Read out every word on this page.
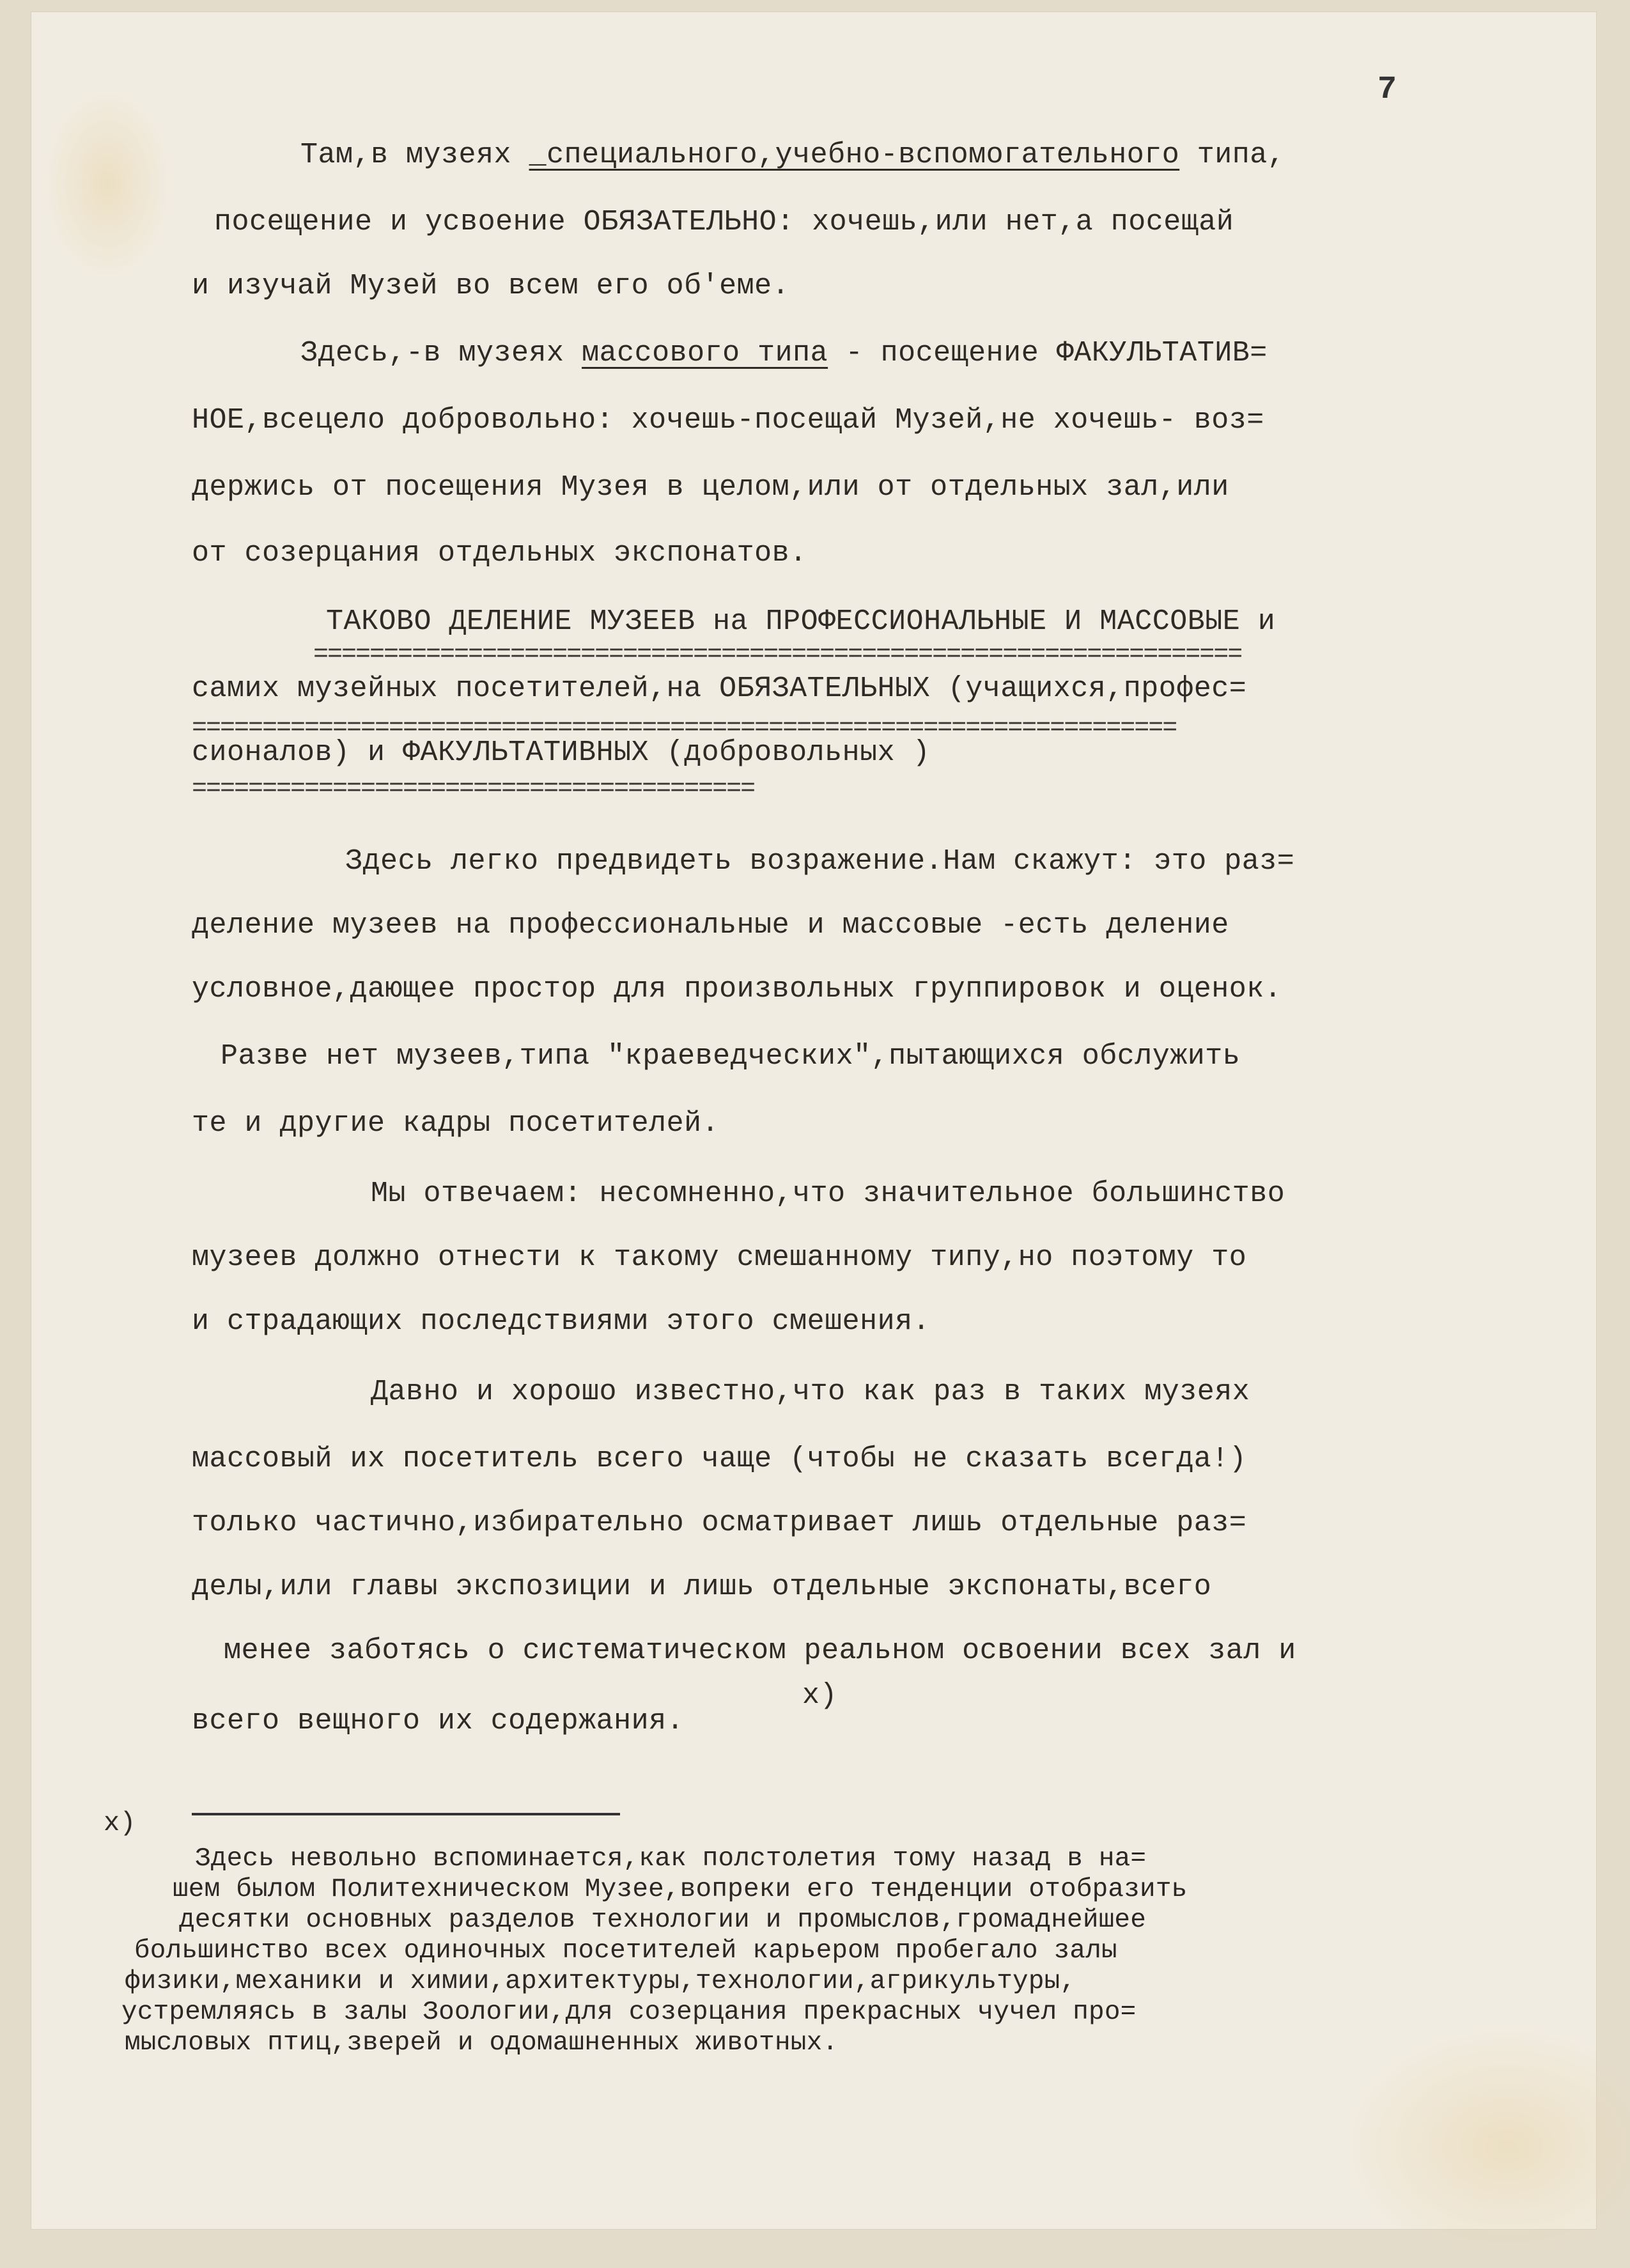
7
Там,в музеях _специального,учебно-вспомогательного типа,
посещение и усвоение ОБЯЗАТЕЛЬНО: хочешь,или нет,а посещай
и изучай Музей во всем его об'еме.
Здесь,-в музеях массового типа - посещение ФАКУЛЬТАТИВ=
НОЕ,всецело добровольно: хочешь-посещай Музей,не хочешь- воз=
держись от посещения Музея в целом,или от отдельных зал,или
от созерцания отдельных экспонатов.
ТАКОВО ДЕЛЕНИЕ МУЗЕЕВ на ПРОФЕССИОНАЛЬНЫЕ И МАССОВЫЕ и
самих музейных посетителей,на ОБЯЗАТЕЛЬНЫХ (учащихся,профес=
сионалов) и ФАКУЛЬТАТИВНЫХ (добровольных )
Здесь легко предвидеть возражение.Нам скажут: это раз=
деление музеев на профессиональные и массовые -есть деление
условное,дающее простор для произвольных группировок и оценок.
Разве нет музеев,типа "краеведческих",пытающихся обслужить
те и другие кадры посетителей.
Мы отвечаем: несомненно,что значительное большинство
музеев должно отнести к такому смешанному типу,но поэтому то
и страдающих последствиями этого смешения.
Давно и хорошо известно,что как раз в таких музеях
массовый их посетитель всего чаще (чтобы не сказать всегда!)
только частично,избирательно осматривает лишь отдельные раз=
делы,или главы экспозиции и лишь отдельные экспонаты,всего
менее заботясь о систематическом реальном освоении всех зал и
x)
всего вещного их содержания.
==================================================================
======================================================================
========================================
x)
Здесь невольно вспоминается,как полстолетия тому назад в на=
шем былом Политехническом Музее,вопреки его тенденции отобразить
десятки основных разделов технологии и промыслов,громаднейшее
большинство всех одиночных посетителей карьером пробегало залы
физики,механики и химии,архитектуры,технологии,агрикультуры,
устремляясь в залы Зоологии,для созерцания прекрасных чучел про=
мысловых птиц,зверей и одомашненных животных.
